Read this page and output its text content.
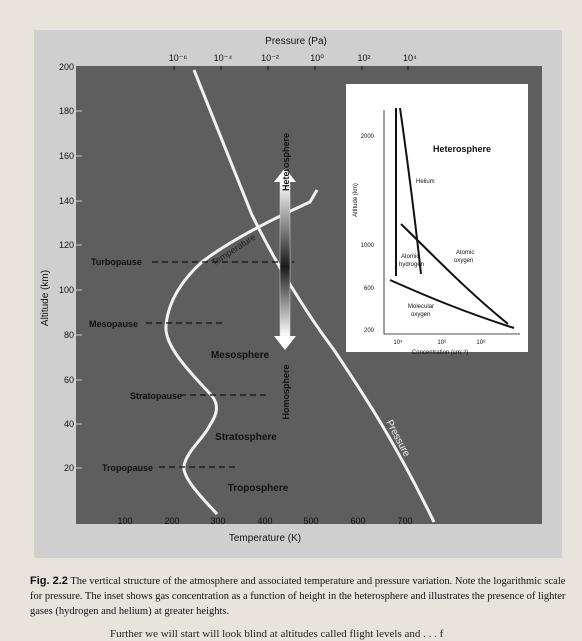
Pressure (Pa)
10⁻⁶	10⁻⁴	10⁻²	10⁰	10²	10⁴
Altitude (km)
200
180
160
140
120
100
80
60
40
20
100	200	300	400	500	600	700
Temperature (K)
Temperature
Pressure
Turbopause
Mesopause
Stratopause
Tropopause
Mesosphere
Stratosphere
Troposphere
Heterosphere
Homosphere
Heterosphere
Altitude (km)
2000
1000
600
200
10⁴	10⁶	10⁸
Concentration (cm⁻³)
Helium
Atomic
hydrogen
Atomic
oxygen
Molecular
oxygen
Fig. 2.2 The vertical structure of the atmosphere and associated temperature and pressure variation. Note the logarithmic scale for pressure. The inset shows gas concentration as a function of height in the heterosphere and illustrates the presence of lighter gases (hydrogen and helium) at greater heights.
Further we will start will look blind at altitudes called flight levels and . . . f
